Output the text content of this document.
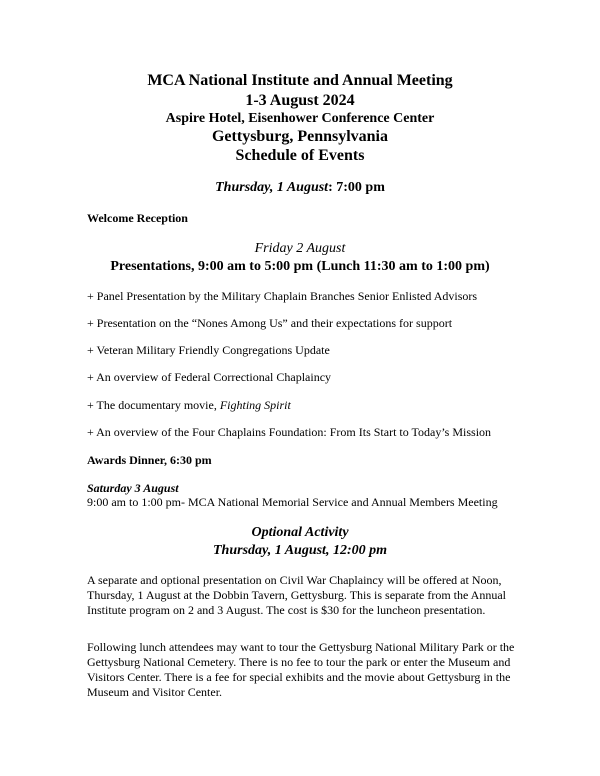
MCA National Institute and Annual Meeting
1-3 August 2024
Aspire Hotel, Eisenhower Conference Center
Gettysburg, Pennsylvania
Schedule of Events
Thursday, 1 August: 7:00 pm
Welcome Reception
Friday 2 August
Presentations, 9:00 am to 5:00 pm (Lunch 11:30 am to 1:00 pm)
+ Panel Presentation by the Military Chaplain Branches Senior Enlisted Advisors
+ Presentation on the “Nones Among Us” and their expectations for support
+ Veteran Military Friendly Congregations Update
+ An overview of Federal Correctional Chaplaincy
+ The documentary movie, Fighting Spirit
+ An overview of the Four Chaplains Foundation: From Its Start to Today’s Mission
Awards Dinner, 6:30 pm
Saturday 3 August
9:00 am to 1:00 pm- MCA National Memorial Service and Annual Members Meeting
Optional Activity
Thursday, 1 August, 12:00 pm
A separate and optional presentation on Civil War Chaplaincy will be offered at Noon, Thursday, 1 August at the Dobbin Tavern, Gettysburg. This is separate from the Annual Institute program on 2 and 3 August. The cost is $30 for the luncheon presentation.
Following lunch attendees may want to tour the Gettysburg National Military Park or the Gettysburg National Cemetery. There is no fee to tour the park or enter the Museum and Visitors Center. There is a fee for special exhibits and the movie about Gettysburg in the Museum and Visitor Center.
